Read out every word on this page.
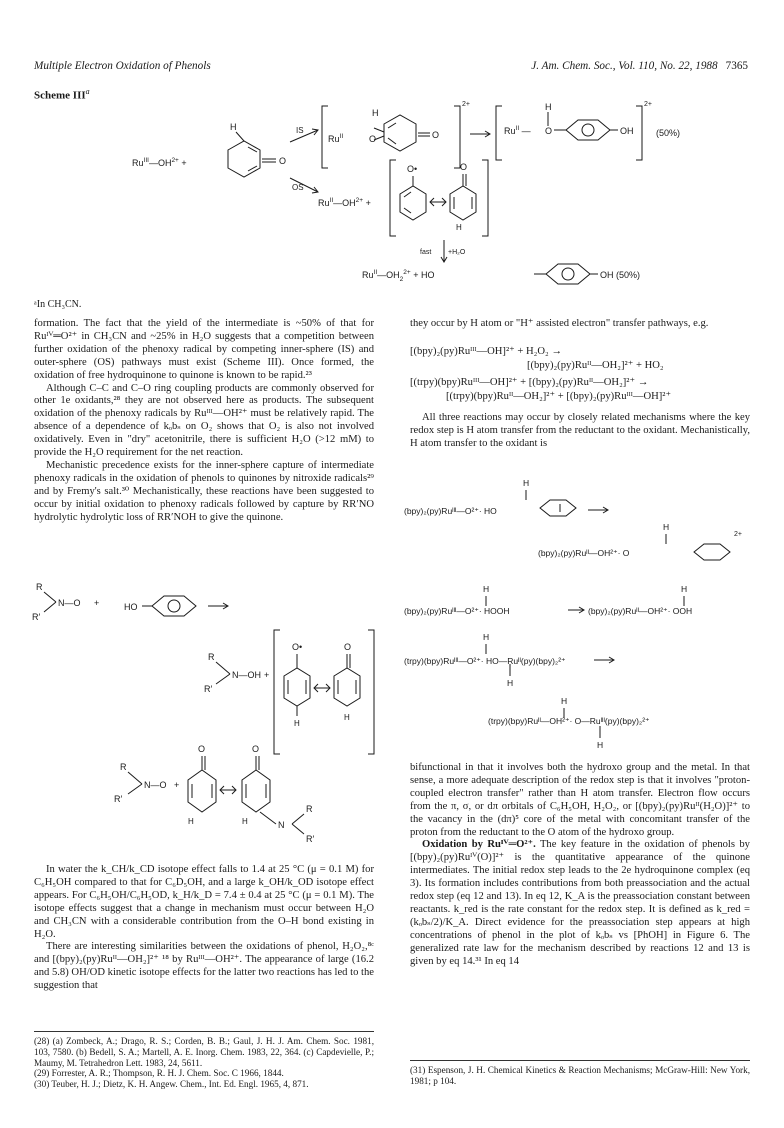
Multiple Electron Oxidation of Phenols	J. Am. Chem. Soc., Vol. 110, No. 22, 1988 7365
Scheme III$^a$
$Ru^{III}—OH^{2+}$ +
H
O
IS
OS
$Ru^{II}$	O
H
O
2+
$Ru^{II}$ — O
H
OH
2+
(50%)
$Ru^{II}—OH^{2+}$ +
O•	O
H
fast +H₂O
$Ru^{II}—OH_2^{2+}$ + HO	OH (50%)
ᵃIn CH₃CN.

formation. The fact that the yield of the intermediate is ~50% of that for Ruᴵⱽ═O²⁺ in CH₃CN and ~25% in H₂O suggests that a competition between further oxidation of the phenoxy radical by competing inner-sphere (IS) and outer-sphere (OS) pathways must exist (Scheme III). Once formed, the oxidation of free hydroquinone to quinone is known to be rapid.²³

Although C–C and C–O ring coupling products are commonly observed for other 1e oxidants,²⁸ they are not observed here as products. The subsequent oxidation of the phenoxy radicals by Ruᴵᴵᴵ—OH²⁺ must be relatively rapid. The absence of a dependence of kₒbₛ on O₂ shows that O₂ is also not involved oxidatively. Even in "dry" acetonitrile, there is sufficient H₂O (>12 mM) to provide the H₂O requirement for the net reaction.

Mechanistic precedence exists for the inner-sphere capture of intermediate phenoxy radicals in the oxidation of phenols to quinones by nitroxide radicals²⁹ and by Fremy's salt.³⁰ Mechanistically, these reactions have been suggested to occur by initial oxidation to phenoxy radicals followed by capture by RR′NO hydrolytic hydrolytic loss of RR′NOH to give the quinone.

R
R′
N—O +	HO
R
R′
N—OH +
O•	O
H
H
R
R′
N—O +
O	O
H	H	N
R
R′

In water the k_CH/k_CD isotope effect falls to 1.4 at 25 °C (μ = 0.1 M) for C₆H₅OH compared to that for C₆D₅OH, and a large k_OH/k_OD isotope effect appears. For C₆H₅OH/C₆H₅OD, k_H/k_D = 7.4 ± 0.4 at 25 °C (μ = 0.1 M). The isotope effects suggest that a change in mechanism must occur between H₂O and CH₃CN with a considerable contribution from the O–H bond existing in H₂O.

There are interesting similarities between the oxidations of phenol, H₂O₂,⁸ᶜ and [(bpy)₂(py)Ruᴵᴵ—OH₂]²⁺ ¹⁸ by Ruᴵᴵᴵ—OH²⁺. The appearance of large (16.2 and 5.8) OH/OD kinetic isotope effects for the latter two reactions has led to the suggestion that

they occur by H atom or "H⁺ assisted electron" transfer pathways, e.g.

[(bpy)₂(py)Ruᴵᴵᴵ—OH]²⁺ + H₂O₂ →
[(bpy)₂(py)Ruᴵᴵ—OH₂]²⁺ + HO₂
[(trpy)(bpy)Ruᴵᴵᴵ—OH]²⁺ + [(bpy)₂(py)Ruᴵᴵ—OH₂]²⁺ →
[(trpy)(bpy)Ruᴵᴵ—OH₂]²⁺ + [(bpy)₂(py)Ruᴵᴵᴵ—OH]²⁺

All three reactions may occur by closely related mechanisms where the key redox step is H atom transfer from the reductant to the oxidant. Mechanistically, H atom transfer to the oxidant is

H
(bpy)₂(py)Ruᴵᴵᴵ—O²⁺· HO
H
(bpy)₂(py)Ruᴵᴵ—OH²⁺· O
2+
H
(bpy)₂(py)Ruᴵᴵᴵ—O²⁺· HOOH
H
(bpy)₂(py)Ruᴵᴵ—OH²⁺· OOH
H
(trpy)(bpy)Ruᴵᴵᴵ—O²⁺· HO—Ruᴵᴵ(py)(bpy)₂²⁺
H
H
(trpy)(bpy)Ruᴵᴵ—OH²⁺· O—Ruᴵᴵᴵ(py)(bpy)₂²⁺
H

bifunctional in that it involves both the hydroxo group and the metal. In that sense, a more adequate description of the redox step is that it involves "proton-coupled electron transfer" rather than H atom transfer. Electron flow occurs from the π, σ, or dπ orbitals of C₆H₅OH, H₂O₂, or [(bpy)₂(py)Ruᴵᴵ(H₂O)]²⁺ to the vacancy in the (dπ)⁵ core of the metal with concomitant transfer of the proton from the reductant to the O atom of the hydroxo group.

Oxidation by Ruᴵⱽ═O²⁺. The key feature in the oxidation of phenols by [(bpy)₂(py)Ruᴵⱽ(O)]²⁺ is the quantitative appearance of the quinone intermediates. The initial redox step leads to the 2e hydroquinone complex (eq 3). Its formation includes contributions from both preassociation and the actual redox step (eq 12 and 13). In eq 12, K_A is the preassociation constant between reactants. k_red is the rate constant for the redox step. It is defined as k_red = (kₒbₛ/2)/K_A. Direct evidence for the preassociation step appears at high concentrations of phenol in the plot of kₒbₛ vs [PhOH] in Figure 6. The generalized rate law for the mechanism described by reactions 12 and 13 is given by eq 14.³¹ In eq 14

(28) (a) Zombeck, A.; Drago, R. S.; Corden, B. B.; Gaul, J. H. J. Am. Chem. Soc. 1981, 103, 7580. (b) Bedell, S. A.; Martell, A. E. Inorg. Chem. 1983, 22, 364. (c) Capdevielle, P.; Maumy, M. Tetrahedron Lett. 1983, 24, 5611.

(29) Forrester, A. R.; Thompson, R. H. J. Chem. Soc. C 1966, 1844.

(30) Teuber, H. J.; Dietz, K. H. Angew. Chem., Int. Ed. Engl. 1965, 4, 871.

(31) Espenson, J. H. Chemical Kinetics & Reaction Mechanisms; McGraw-Hill: New York, 1981; p 104.
